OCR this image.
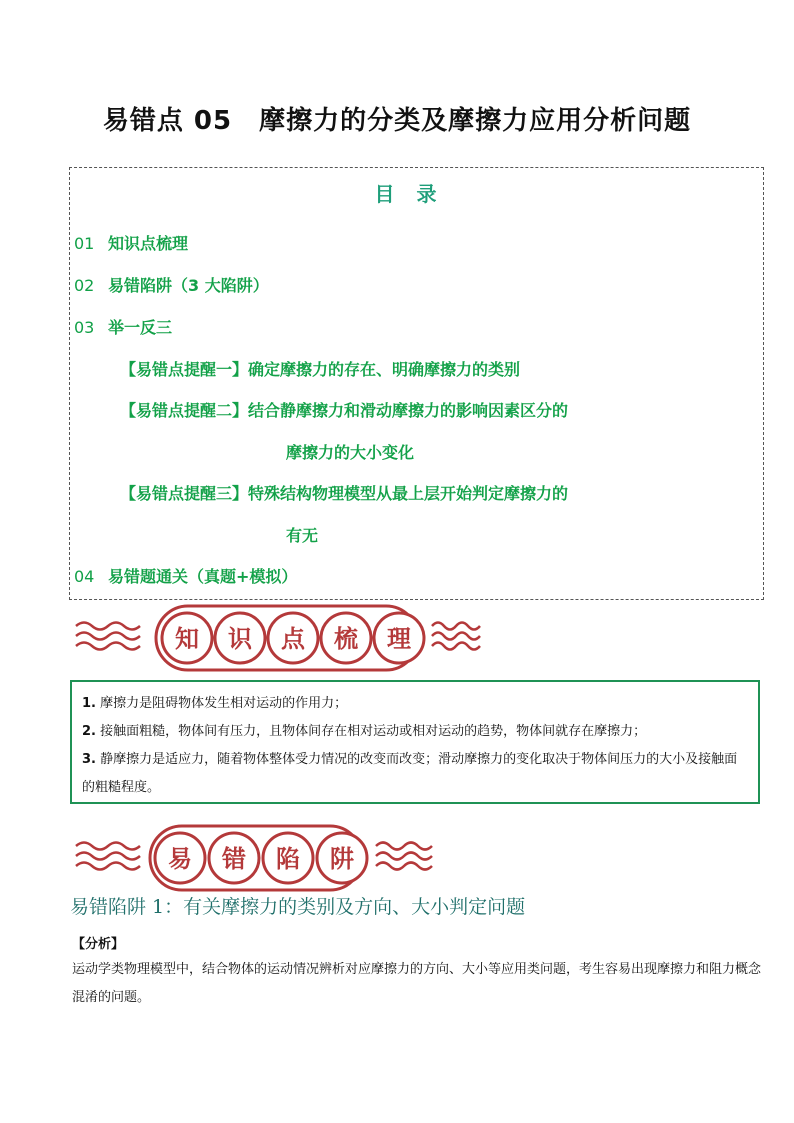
易错点 05　摩擦力的分类及摩擦力应用分析问题
目录
01 知识点梳理
02 易错陷阱（3 大陷阱）
03 举一反三
【易错点提醒一】确定摩擦力的存在、明确摩擦力的类别
【易错点提醒二】结合静摩擦力和滑动摩擦力的影响因素区分的
摩擦力的大小变化
【易错点提醒三】特殊结构物理模型从最上层开始判定摩擦力的
有无
04 易错题通关（真题+模拟）
知 识 点 梳 理

1. 摩擦力是阻碍物体发生相对运动的作用力；

2. 接触面粗糙，物体间有压力，且物体间存在相对运动或相对运动的趋势，物体间就存在摩擦力；

3. 静摩擦力是适应力，随着物体整体受力情况的改变而改变；滑动摩擦力的变化取决于物体间压力的大小及接触面的粗糙程度。

易 错 陷 阱
易错陷阱 1：有关摩擦力的类别及方向、大小判定问题
【分析】
运动学类物理模型中，结合物体的运动情况辨析对应摩擦力的方向、大小等应用类问题，考生容易出现摩擦力和阻力概念混淆的问题。
